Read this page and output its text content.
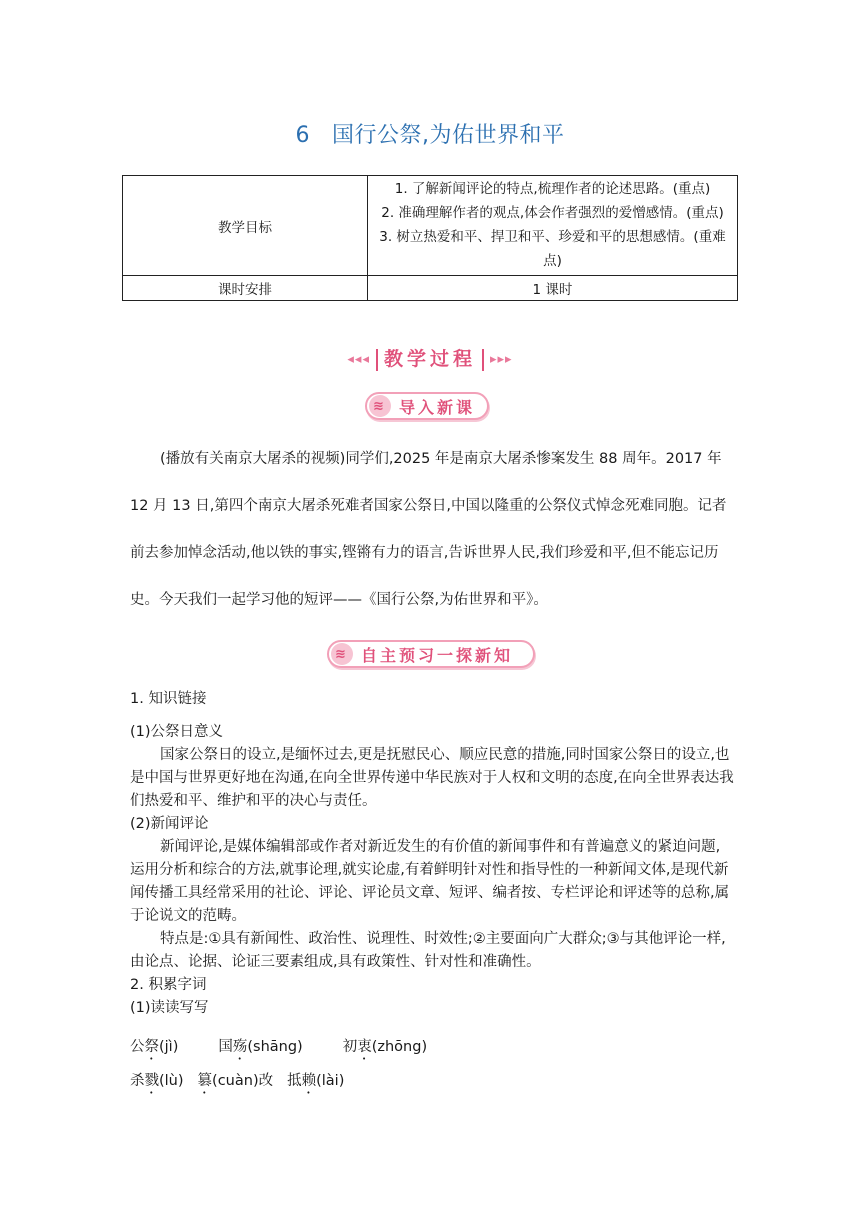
6 国行公祭,为佑世界和平
教学目标	1. 了解新闻评论的特点,梳理作者的论述思路。(重点)
2. 准确理解作者的观点,体会作者强烈的爱憎感情。(重点)
3. 树立热爱和平、捍卫和平、珍爱和平的思想感情。(重难点)

课时安排	1 课时
◂◂◂ 教学过程 ▸▸▸
≋ 导入新课

(播放有关南京大屠杀的视频)同学们,2025 年是南京大屠杀惨案发生 88 周年。2017 年 12 月 13 日,第四个南京大屠杀死难者国家公祭日,中国以隆重的公祭仪式悼念死难同胞。记者前去参加悼念活动,他以铁的事实,铿锵有力的语言,告诉世界人民,我们珍爱和平,但不能忘记历史。今天我们一起学习他的短评——《国行公祭,为佑世界和平》。

≋ 自主预习一探新知

1. 知识链接

(1)公祭日意义

国家公祭日的设立,是缅怀过去,更是抚慰民心、顺应民意的措施,同时国家公祭日的设立,也是中国与世界更好地在沟通,在向全世界传递中华民族对于人权和文明的态度,在向全世界表达我们热爱和平、维护和平的决心与责任。

(2)新闻评论

新闻评论,是媒体编辑部或作者对新近发生的有价值的新闻事件和有普遍意义的紧迫问题,运用分析和综合的方法,就事论理,就实论虚,有着鲜明针对性和指导性的一种新闻文体,是现代新闻传播工具经常采用的社论、评论、评论员文章、短评、编者按、专栏评论和评述等的总称,属于论说文的范畴。

特点是:①具有新闻性、政治性、说理性、时效性;②主要面向广大群众;③与其他评论一样,由论点、论据、论证三要素组成,具有政策性、针对性和准确性。

2. 积累字词

(1)读读写写

公祭(jì)	国殇(shāng)	初衷(zhōng)
杀戮(lù) 篡(cuàn)改 抵赖(lài)
